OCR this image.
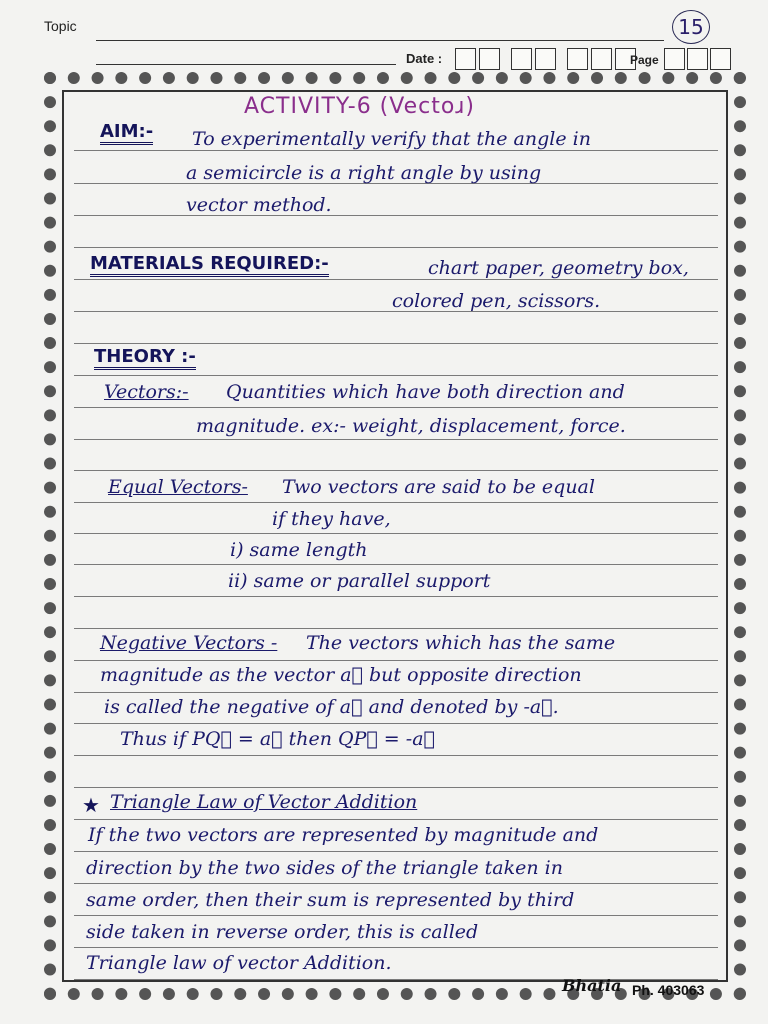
Topic	15
Date :	Page
ACTIVITY-6 (Vectoɹ)
AIM:- To experimentally verify that the angle in
a semicircle is a right angle by using
vector method.
MATERIALS REQUIRED:-	chart paper, geometry box,
colored pen, scissors.
THEORY :-
Vectors:- Quantities which have both direction and
magnitude. ex:- weight, displacement, force.
Equal Vectors- Two vectors are said to be equal
if they have,
i) same length
ii) same or parallel support
Negative Vectors - The vectors which has the same
magnitude as the vector a⃗ but opposite direction
is called the negative of a⃗ and denoted by -a⃗.
Thus if PQ⃗ = a⃗ then QP⃗ = -a⃗
★ Triangle Law of Vector Addition
If the two vectors are represented by magnitude and
direction by the two sides of the triangle taken in
same order, then their sum is represented by third
side taken in reverse order, this is called
Triangle law of vector Addition.
Bhatia Ph. 403063
